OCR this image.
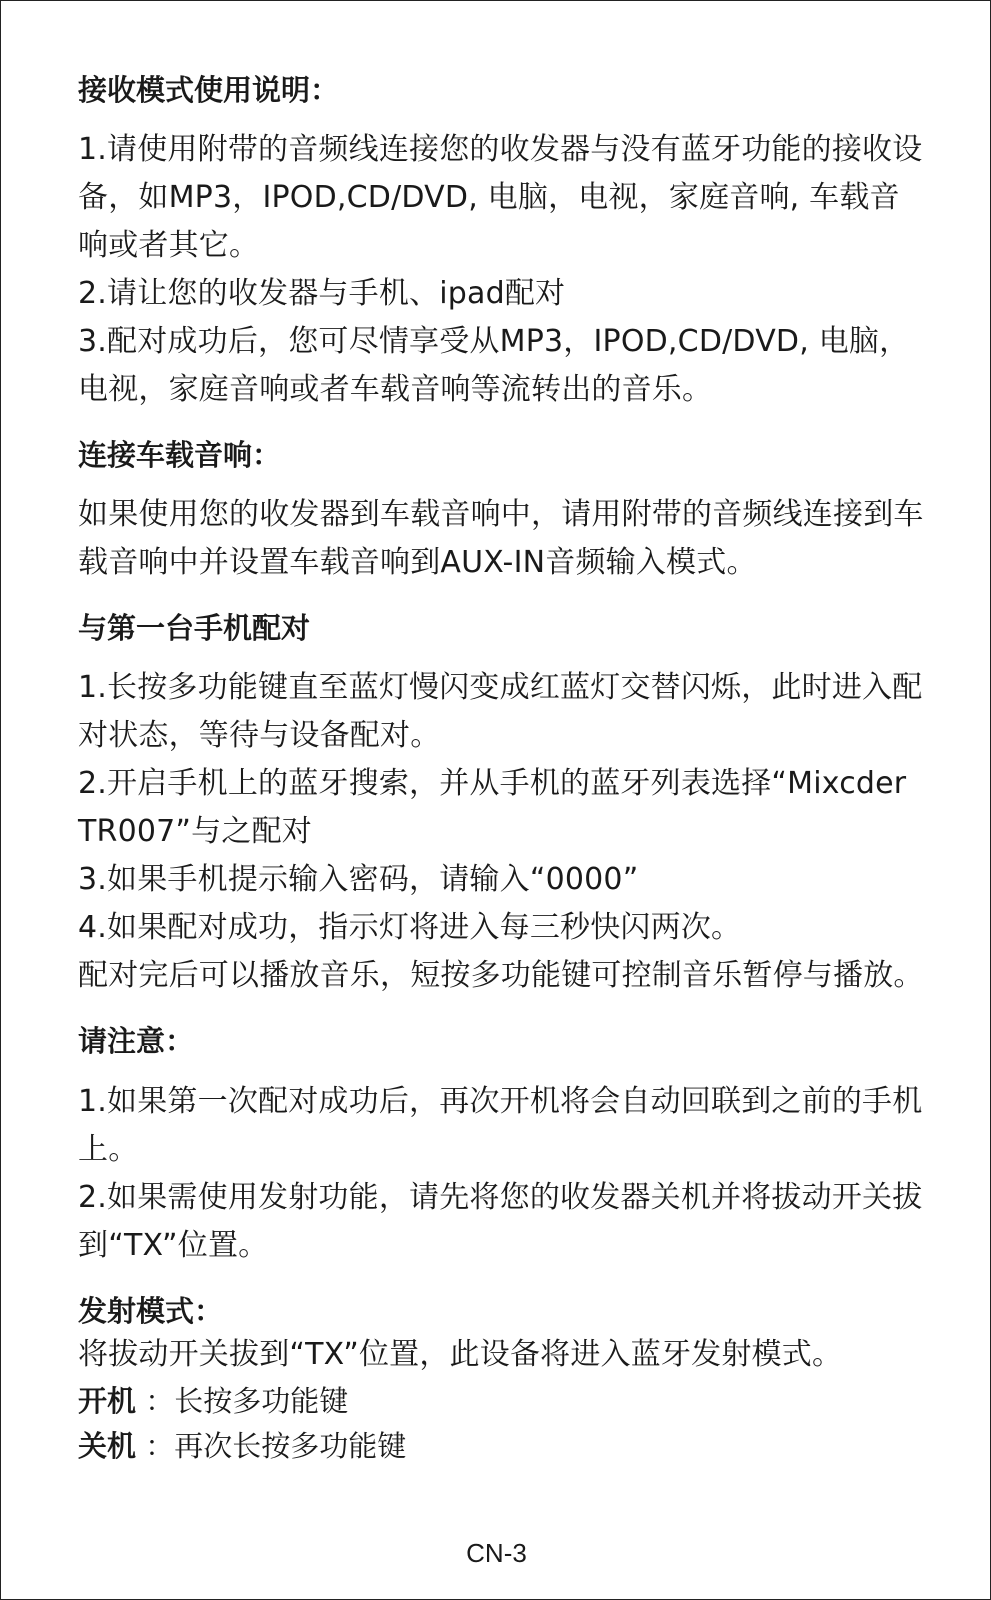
接收模式使用说明：

1.请使用附带的音频线连接您的收发器与没有蓝牙功能的接收设备，如MP3，IPOD,CD/DVD, 电脑，电视，家庭音响, 车载音响或者其它。

2.请让您的收发器与手机、ipad配对

3.配对成功后，您可尽情享受从MP3，IPOD,CD/DVD, 电脑，电视，家庭音响或者车载音响等流转出的音乐。

连接车载音响：

如果使用您的收发器到车载音响中，请用附带的音频线连接到车载音响中并设置车载音响到AUX-IN音频输入模式。

与第一台手机配对

1.长按多功能键直至蓝灯慢闪变成红蓝灯交替闪烁，此时进入配对状态，等待与设备配对。

2.开启手机上的蓝牙搜索，并从手机的蓝牙列表选择“Mixcder TR007”与之配对

3.如果手机提示输入密码，请输入“0000”

4.如果配对成功，指示灯将进入每三秒快闪两次。

配对完后可以播放音乐，短按多功能键可控制音乐暂停与播放。

请注意：

1.如果第一次配对成功后，再次开机将会自动回联到之前的手机上。

2.如果需使用发射功能，请先将您的收发器关机并将拔动开关拔到“TX”位置。

发射模式：

将拔动开关拔到“TX”位置，此设备将进入蓝牙发射模式。

开机 ：长按多功能键

关机 ：再次长按多功能键

CN-3
